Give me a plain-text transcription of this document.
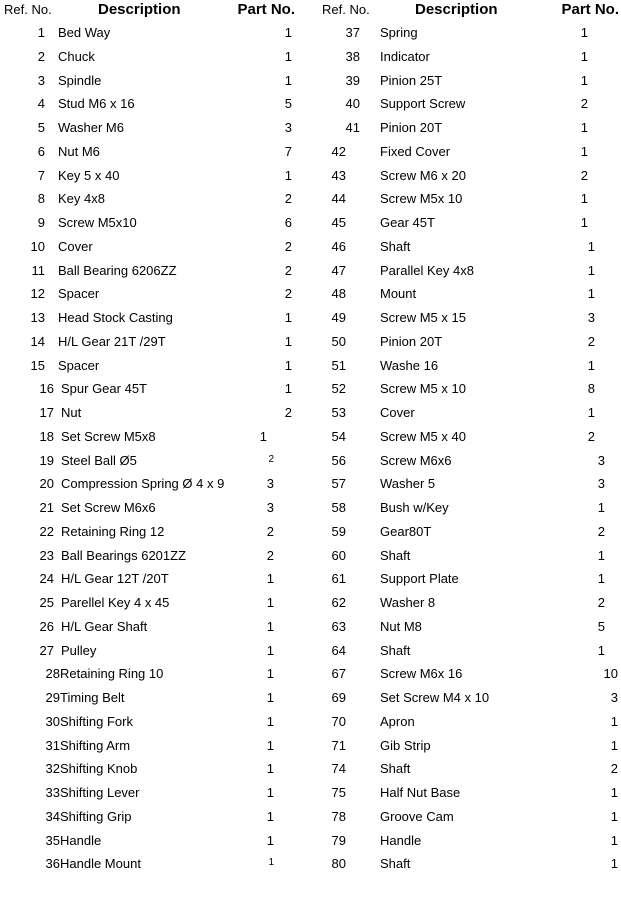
Ref. No.	Description	Part No.
1 Bed Way	1
2 Chuck	1
3 Spindle	1
4 Stud M6 x 16	5
5 Washer M6	3
6 Nut M6	7
7 Key 5 x 40	1
8 Key 4x8	2
9 Screw M5x10	6
10 Cover	2
11 Ball Bearing 6206ZZ	2
12 Spacer	2
13 Head Stock Casting	1
14 H/L Gear 21T /29T	1
15 Spacer	1
16 Spur Gear 45T	1
17 Nut	2
18 Set Screw M5x8	1
19 Steel Ball Ø5	2
20 Compression Spring Ø 4 x 9	3
21 Set Screw M6x6	3
22 Retaining Ring 12	2
23 Ball Bearings 6201ZZ	2
24 H/L Gear 12T /20T	1
25 Parellel Key 4 x 45	1
26 H/L Gear Shaft	1
27 Pulley	1
28 Retaining Ring 10	1
29 Timing Belt	1
30 Shifting Fork	1
31 Shifting Arm	1
32 Shifting Knob	1
33 Shifting Lever	1
34 Shifting Grip	1
35 Handle	1
36 Handle Mount	1
Ref. No.	Description	Part No.
37 Spring	1
38 Indicator	1
39 Pinion 25T	1
40 Support Screw	2
41 Pinion 20T	1
42	Fixed Cover	1
43	Screw M6 x 20	2
44	Screw M5x 10	1
45	Gear 45T	1
46	Shaft	1
47	Parallel Key 4x8	1
48	Mount	1
49	Screw M5 x 15	3
50	Pinion 20T	2
51	Washe 16	1
52	Screw M5 x 10	8
53	Cover	1
54	Screw M5 x 40	2
56	Screw M6x6	3
57	Washer 5	3
58	Bush w/Key	1
59	Gear80T	2
60	Shaft	1
61	Support Plate	1
62	Washer 8	2
63	Nut M8	5
64	Shaft	1
67	Screw M6x 16	10
69	Set Screw M4 x 10	3
70	Apron	1
71	Gib Strip	1
74	Shaft	2
75	Half Nut Base	1
78	Groove Cam	1
79	Handle	1
80	Shaft	1
